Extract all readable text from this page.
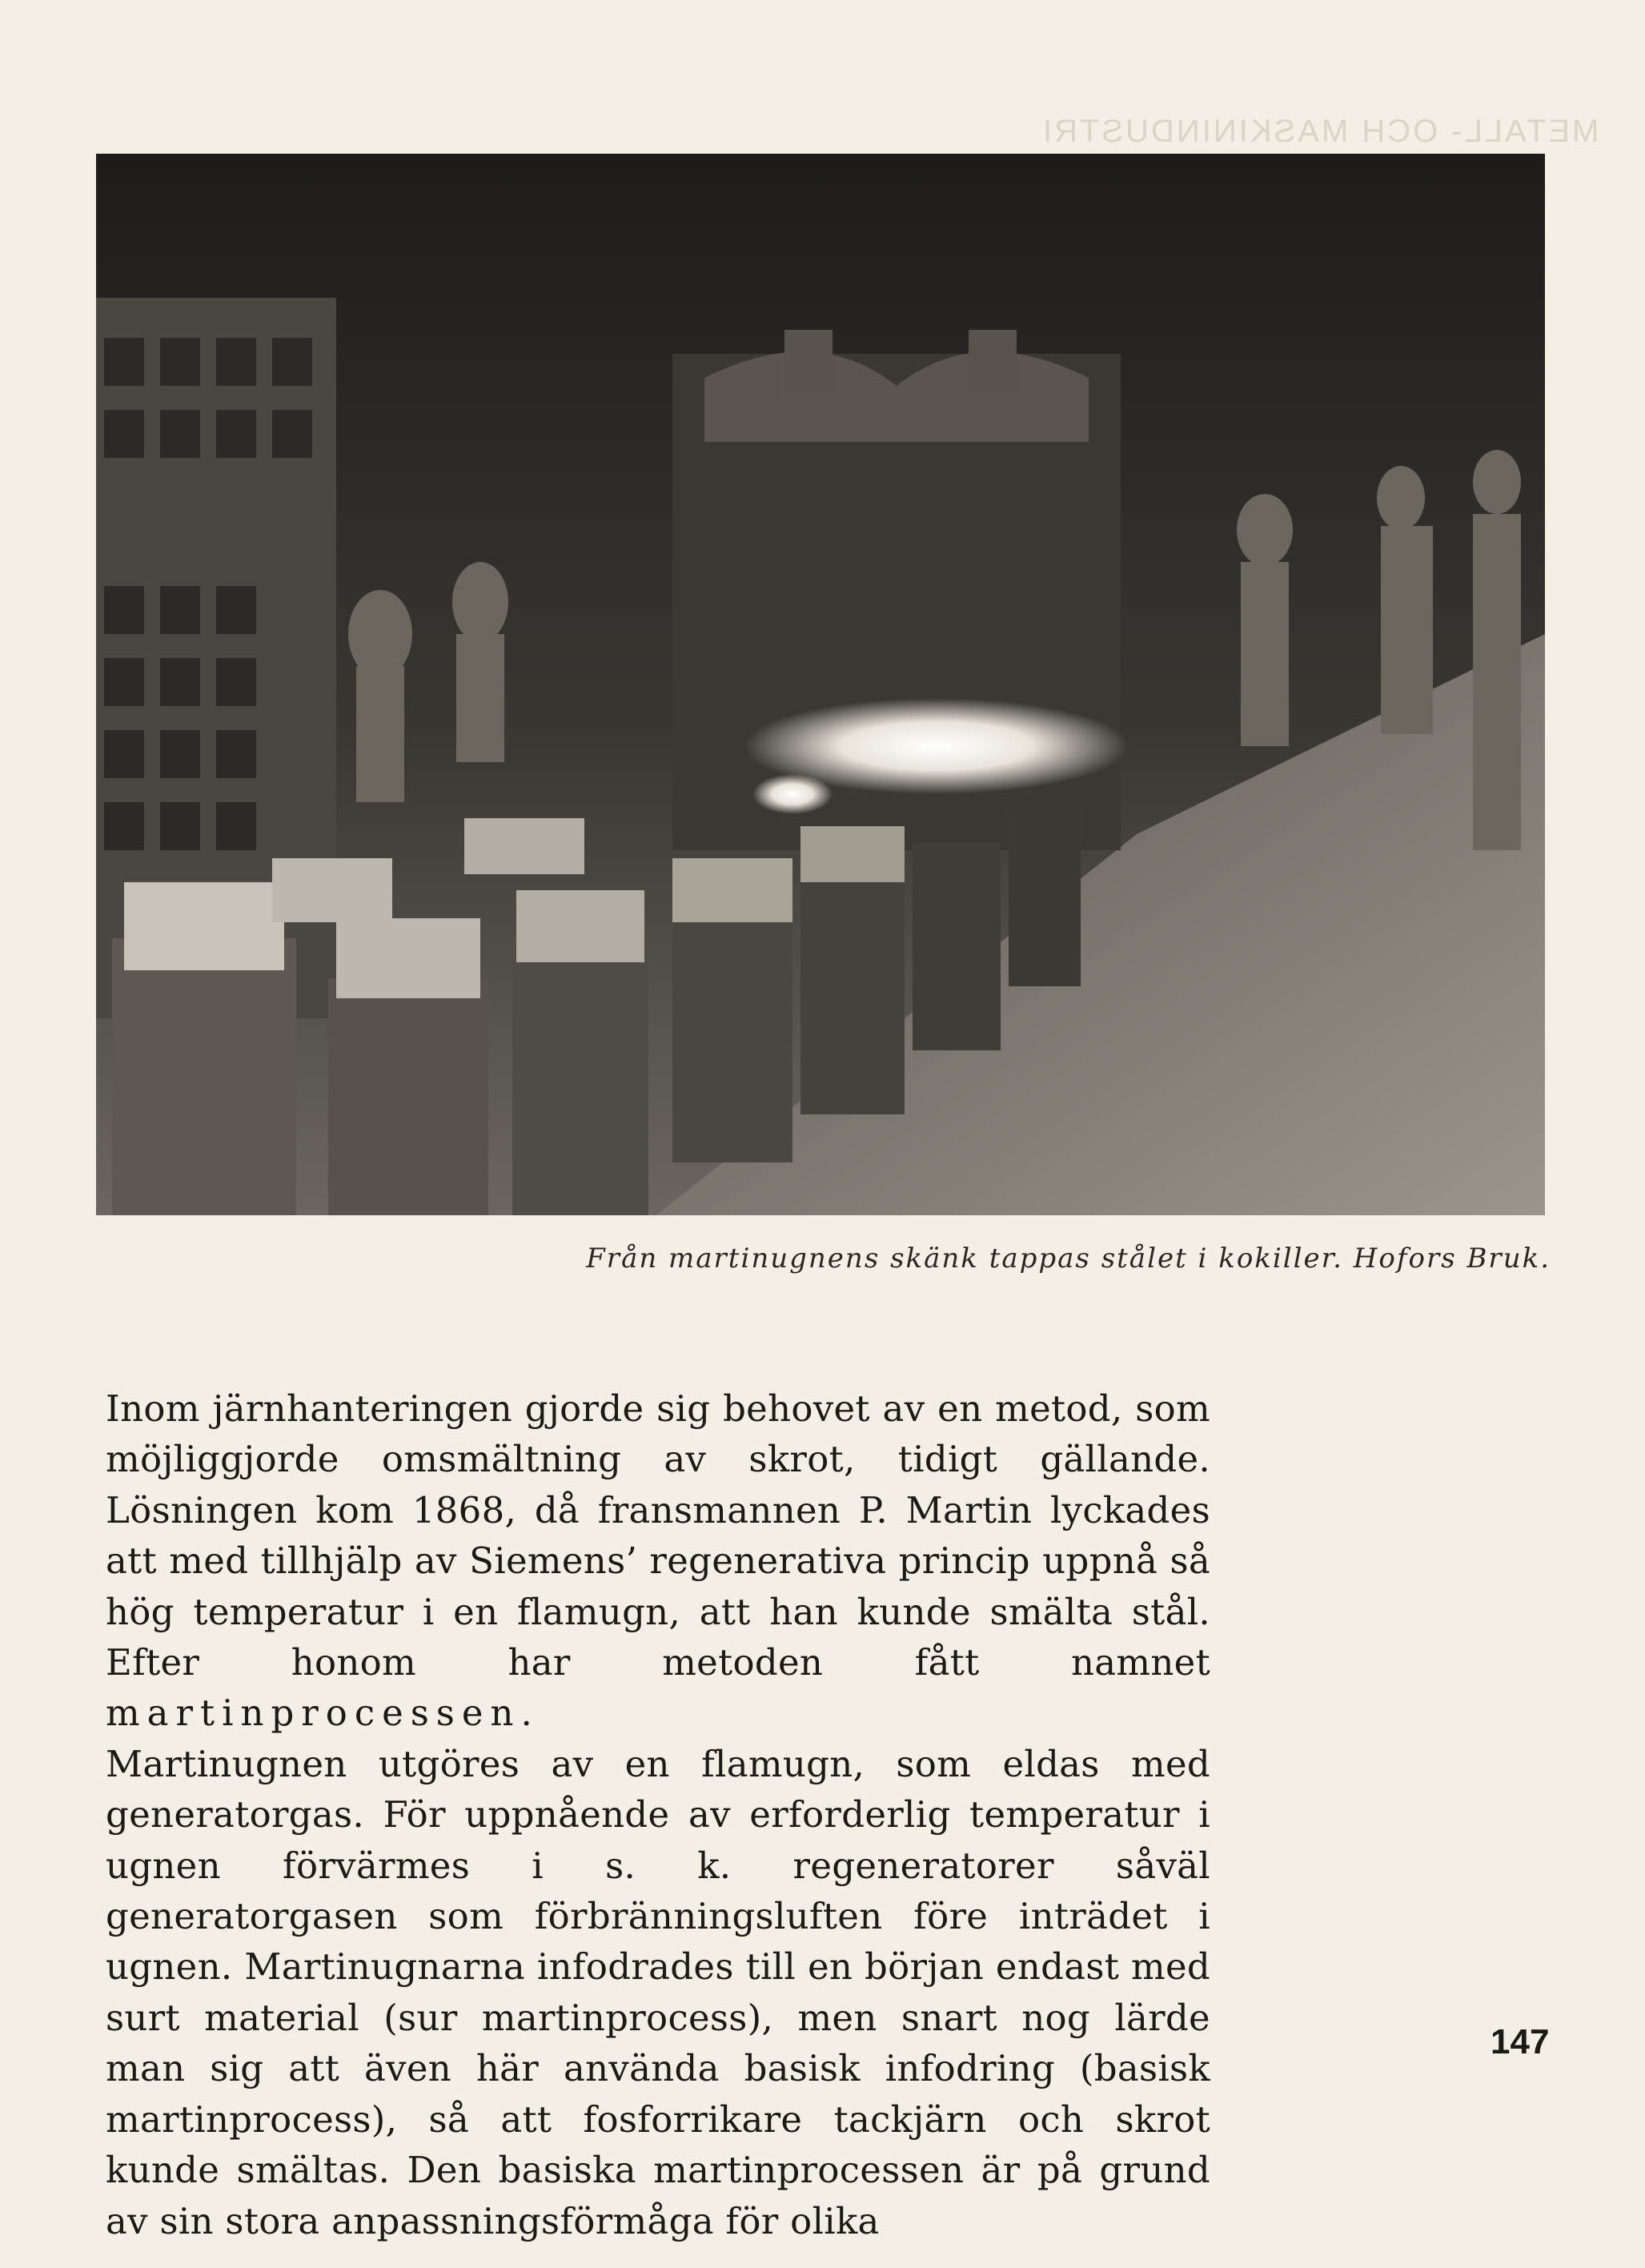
METALL- OCH MASKININDUSTRI
Från martinugnens skänk tappas stålet i kokiller. Hofors Bruk.

Inom järnhanteringen gjorde sig behovet av en metod, som möjliggjorde omsmältning av skrot, tidigt gällande. Lösningen kom 1868, då fransmannen P. Martin lyckades att med tillhjälp av Siemens’ regenerativa princip uppnå så hög temperatur i en flamugn, att han kunde smälta stål. Efter honom har metoden fått namnet martinprocessen.

Martinugnen utgöres av en flamugn, som eldas med generatorgas. För uppnående av erforderlig temperatur i ugnen förvärmes i s. k. regeneratorer såväl generatorgasen som förbränningsluften före inträdet i ugnen. Martinugnarna infodrades till en början endast med surt material (sur martinprocess), men snart nog lärde man sig att även här använda basisk infodring (basisk martinprocess), så att fosforrikare tackjärn och skrot kunde smältas. Den basiska martinprocessen är på grund av sin stora anpassningsförmåga för olika

147
